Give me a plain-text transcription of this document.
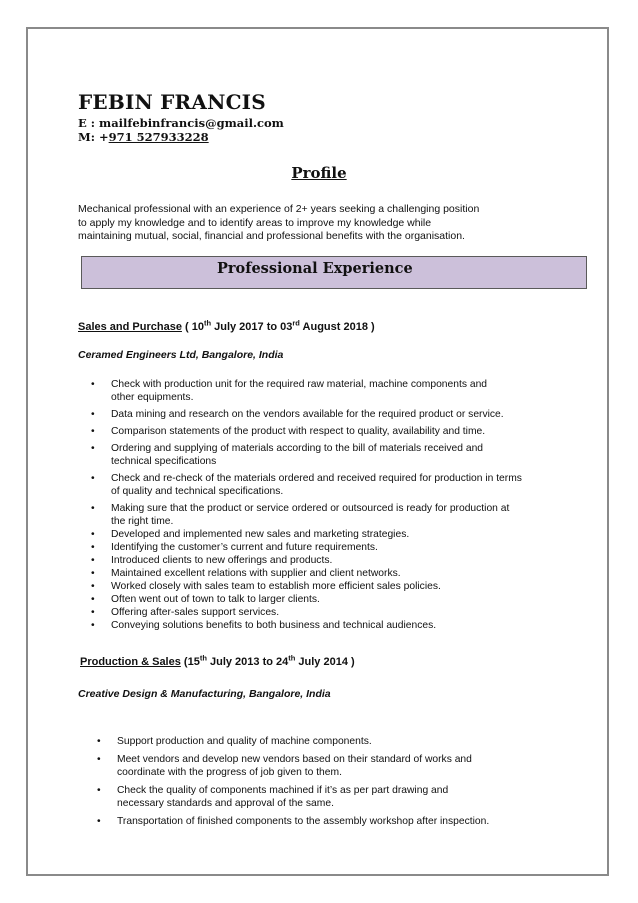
FEBIN FRANCIS

E : mailfebinfrancis@gmail.com

M: +971 527933228

Profile

Mechanical professional with an experience of 2+ years seeking a challenging position
to apply my knowledge and to identify areas to improve my knowledge while
maintaining mutual, social, financial and professional benefits with the organisation.

Professional Experience

Sales and Purchase ( 10th July 2017 to 03rd August 2018 )

Ceramed Engineers Ltd, Bangalore, India

• Check with production unit for the required raw material, machine components and
other equipments.
• Data mining and research on the vendors available for the required product or service.
• Comparison statements of the product with respect to quality, availability and time.
• Ordering and supplying of materials according to the bill of materials received and
technical specifications
• Check and re-check of the materials ordered and received required for production in terms
of quality and technical specifications.
• Making sure that the product or service ordered or outsourced is ready for production at
the right time.
• Developed and implemented new sales and marketing strategies.
• Identifying the customer’s current and future requirements.
• Introduced clients to new offerings and products.
• Maintained excellent relations with supplier and client networks.
• Worked closely with sales team to establish more efficient sales policies.
• Often went out of town to talk to larger clients.
• Offering after-sales support services.
• Conveying solutions benefits to both business and technical audiences.

Production & Sales (15th July 2013 to 24th July 2014 )

Creative Design & Manufacturing, Bangalore, India

• Support production and quality of machine components.
• Meet vendors and develop new vendors based on their standard of works and
coordinate with the progress of job given to them.
• Check the quality of components machined if it’s as per part drawing and
necessary standards and approval of the same.
• Transportation of finished components to the assembly workshop after inspection.
